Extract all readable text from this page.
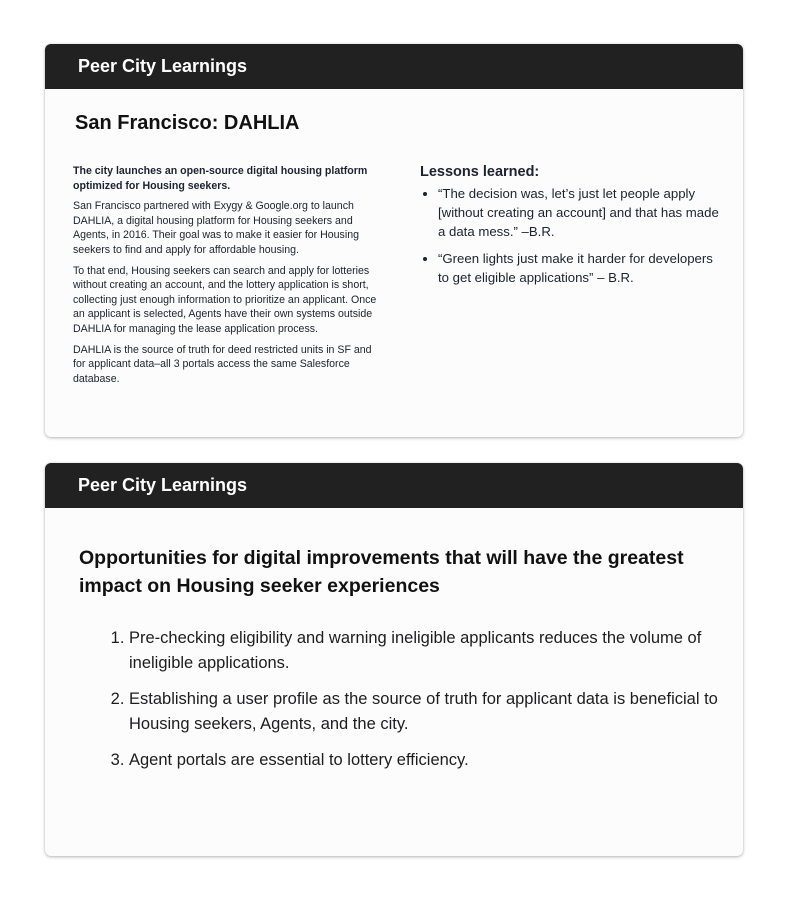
Peer City Learnings
San Francisco: DAHLIA

The city launches an open-source digital housing platform optimized for Housing seekers.

San Francisco partnered with Exygy & Google.org to launch DAHLIA, a digital housing platform for Housing seekers and Agents, in 2016. Their goal was to make it easier for Housing seekers to find and apply for affordable housing.

To that end, Housing seekers can search and apply for lotteries without creating an account, and the lottery application is short, collecting just enough information to prioritize an applicant. Once an applicant is selected, Agents have their own systems outside DAHLIA for managing the lease application process.

DAHLIA is the source of truth for deed restricted units in SF and for applicant data–all 3 portals access the same Salesforce database.

Lessons learned:

• “The decision was, let’s just let people apply [without creating an account] and that has made a data mess.” –B.R.
• “Green lights just make it harder for developers to get eligible applications” – B.R.
Peer City Learnings
Opportunities for digital improvements that will have the greatest impact on Housing seeker experiences
1. Pre-checking eligibility and warning ineligible applicants reduces the volume of ineligible applications.
2. Establishing a user profile as the source of truth for applicant data is beneficial to Housing seekers, Agents, and the city.
3. Agent portals are essential to lottery efficiency.
